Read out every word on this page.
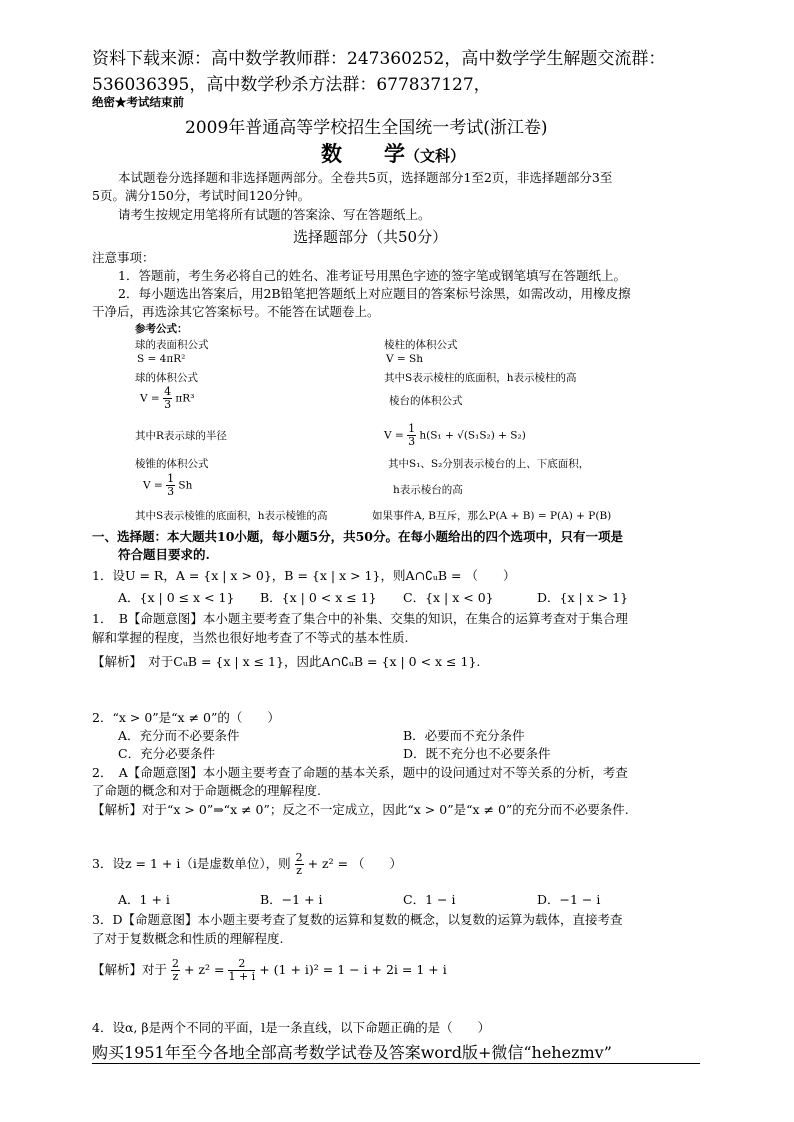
资料下载来源：高中数学教师群：247360252，高中数学学生解题交流群：
536036395，高中数学秒杀方法群：677837127，
绝密★考试结束前
2009年普通高等学校招生全国统一考试(浙江卷)
数　　学（文科）
本试题卷分选择题和非选择题两部分。全卷共5页，选择题部分1至2页，非选择题部分3至
5页。满分150分，考试时间120分钟。
请考生按规定用笔将所有试题的答案涂、写在答题纸上。
选择题部分（共50分）
注意事项：
1．答题前，考生务必将自己的姓名、准考证号用黑色字迹的签字笔或钢笔填写在答题纸上。
2．每小题选出答案后，用2B铅笔把答题纸上对应题目的答案标号涂黑，如需改动，用橡皮擦
干净后，再选涂其它答案标号。不能答在试题卷上。
参考公式：
球的表面积公式
S = 4πR²
球的体积公式
$V = \frac{4}{3} \pi R^3$
其中R表示球的半径
棱锥的体积公式
$V = \frac{1}{3}$ Sh
其中S表示棱锥的底面积，h表示棱锥的高
棱柱的体积公式
V = Sh
其中S表示棱柱的底面积，h表示棱柱的高
棱台的体积公式
$V = \frac{1}{3} h(S_1 + √(S_1S_2) + S_2)$
其中S₁、S₂分别表示棱台的上、下底面积，
h表示棱台的高
如果事件A, B互斥，那么P(A + B) = P(A) + P(B)
一、选择题：本大题共10小题，每小题5分，共50分。在每小题给出的四个选项中，只有一项是
符合题目要求的.
1．设U = R，A = {x | x > 0}，B = {x | x > 1}，则A∩∁ᵤB = （　　）
A．{x | 0 ≤ x < 1} B．{x | 0 < x ≤ 1} C．{x | x < 0}	D．{x | x > 1}
1．　B【命题意图】本小题主要考查了集合中的补集、交集的知识，在集合的运算考查对于集合理
解和掌握的程度，当然也很好地考查了不等式的基本性质.
【解析】　对于CᵤB = {x | x ≤ 1}，因此A∩∁ᵤB = {x | 0 < x ≤ 1}.
2．“x > 0”是“x ≠ 0”的（　　）
A．充分而不必要条件	B．必要而不充分条件
C．充分必要条件	D．既不充分也不必要条件
2．　A【命题意图】本小题主要考查了命题的基本关系，题中的设问通过对不等关系的分析，考查
了命题的概念和对于命题概念的理解程度.
【解析】对于“x > 0”⇒“x ≠ 0”；反之不一定成立，因此“x > 0”是“x ≠ 0”的充分而不必要条件.
3．设z = 1 + i（i是虚数单位），则 $\frac{2}{z} + z^2$ = （　　）
A．1 + i	B．−1 + i	C．1 − i	D．−1 − i
3．D【命题意图】本小题主要考查了复数的运算和复数的概念，以复数的运算为载体，直接考查
了对于复数概念和性质的理解程度.
【解析】对于 $\frac{2}{z} + z^2 = \frac{2}{1 + i} + (1 + i)^2 = 1 - i + 2i = 1 + i$
4．设α, β是两个不同的平面，l是一条直线，以下命题正确的是（　　）
购买1951年至今各地全部高考数学试卷及答案word版+微信“hehezmv”
